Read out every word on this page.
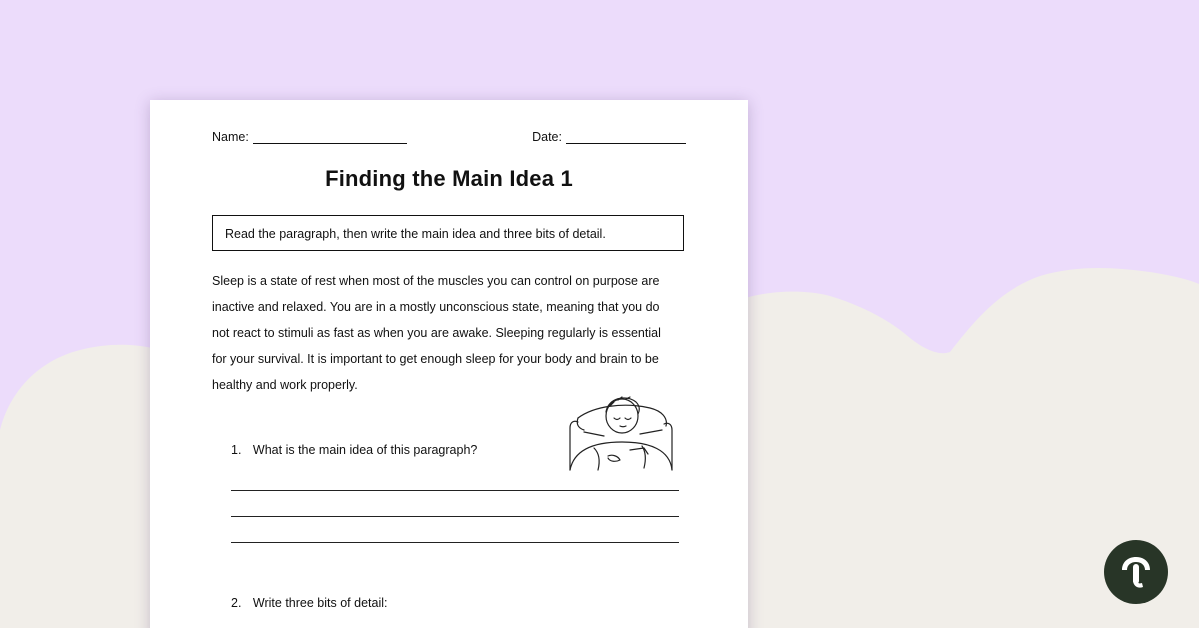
Name:	Date:
Finding the Main Idea 1
Read the paragraph, then write the main idea and three bits of detail.
Sleep is a state of rest when most of the muscles you can control on purpose are
inactive and relaxed. You are in a mostly unconscious state, meaning that you do
not react to stimuli as fast as when you are awake. Sleeping regularly is essential
for your survival. It is important to get enough sleep for your body and brain to be
healthy and work properly.
1. What is the main idea of this paragraph?
2. Write three bits of detail:
